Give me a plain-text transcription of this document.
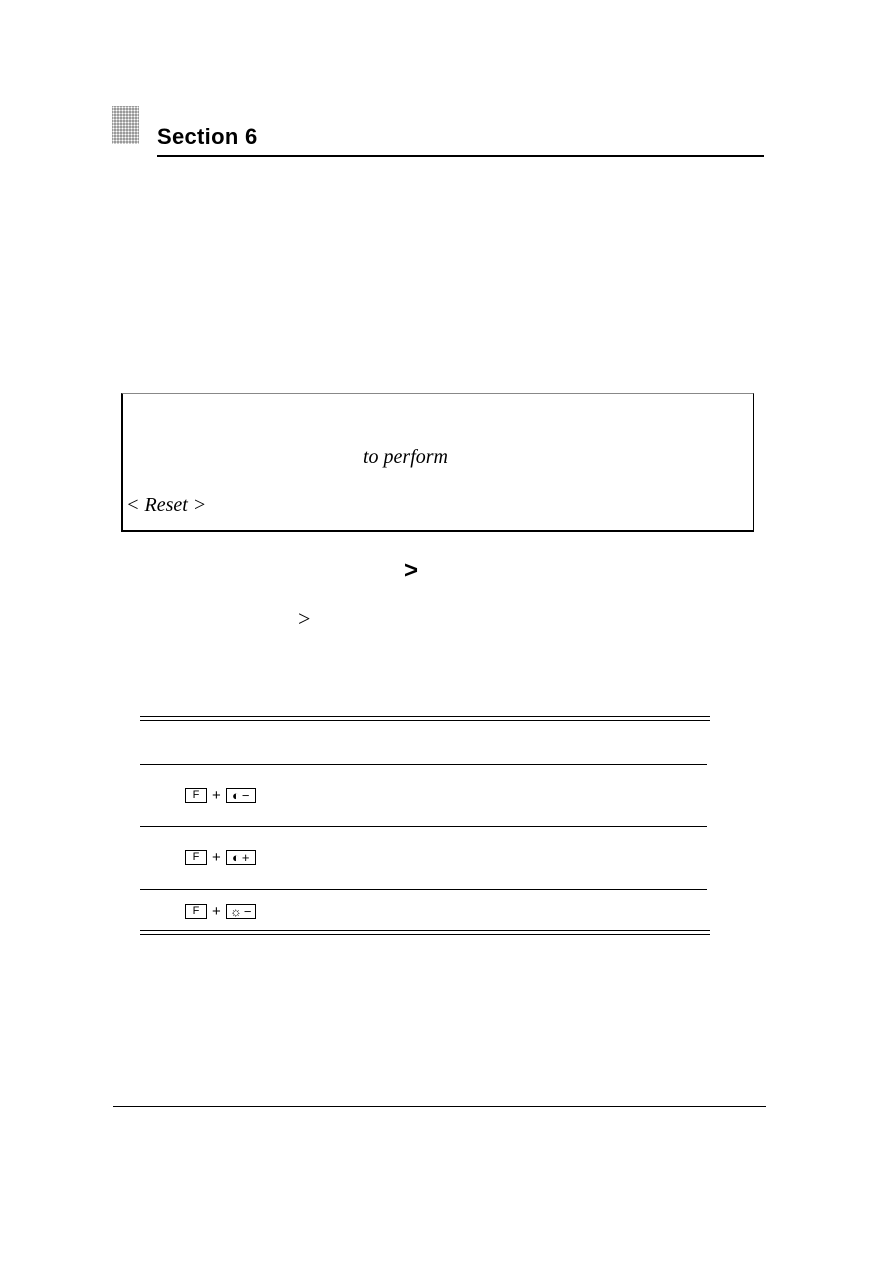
Section 6
to perform
< Reset >
>
>
F + ◐ −
F + ◐ +
F + ☼ −
